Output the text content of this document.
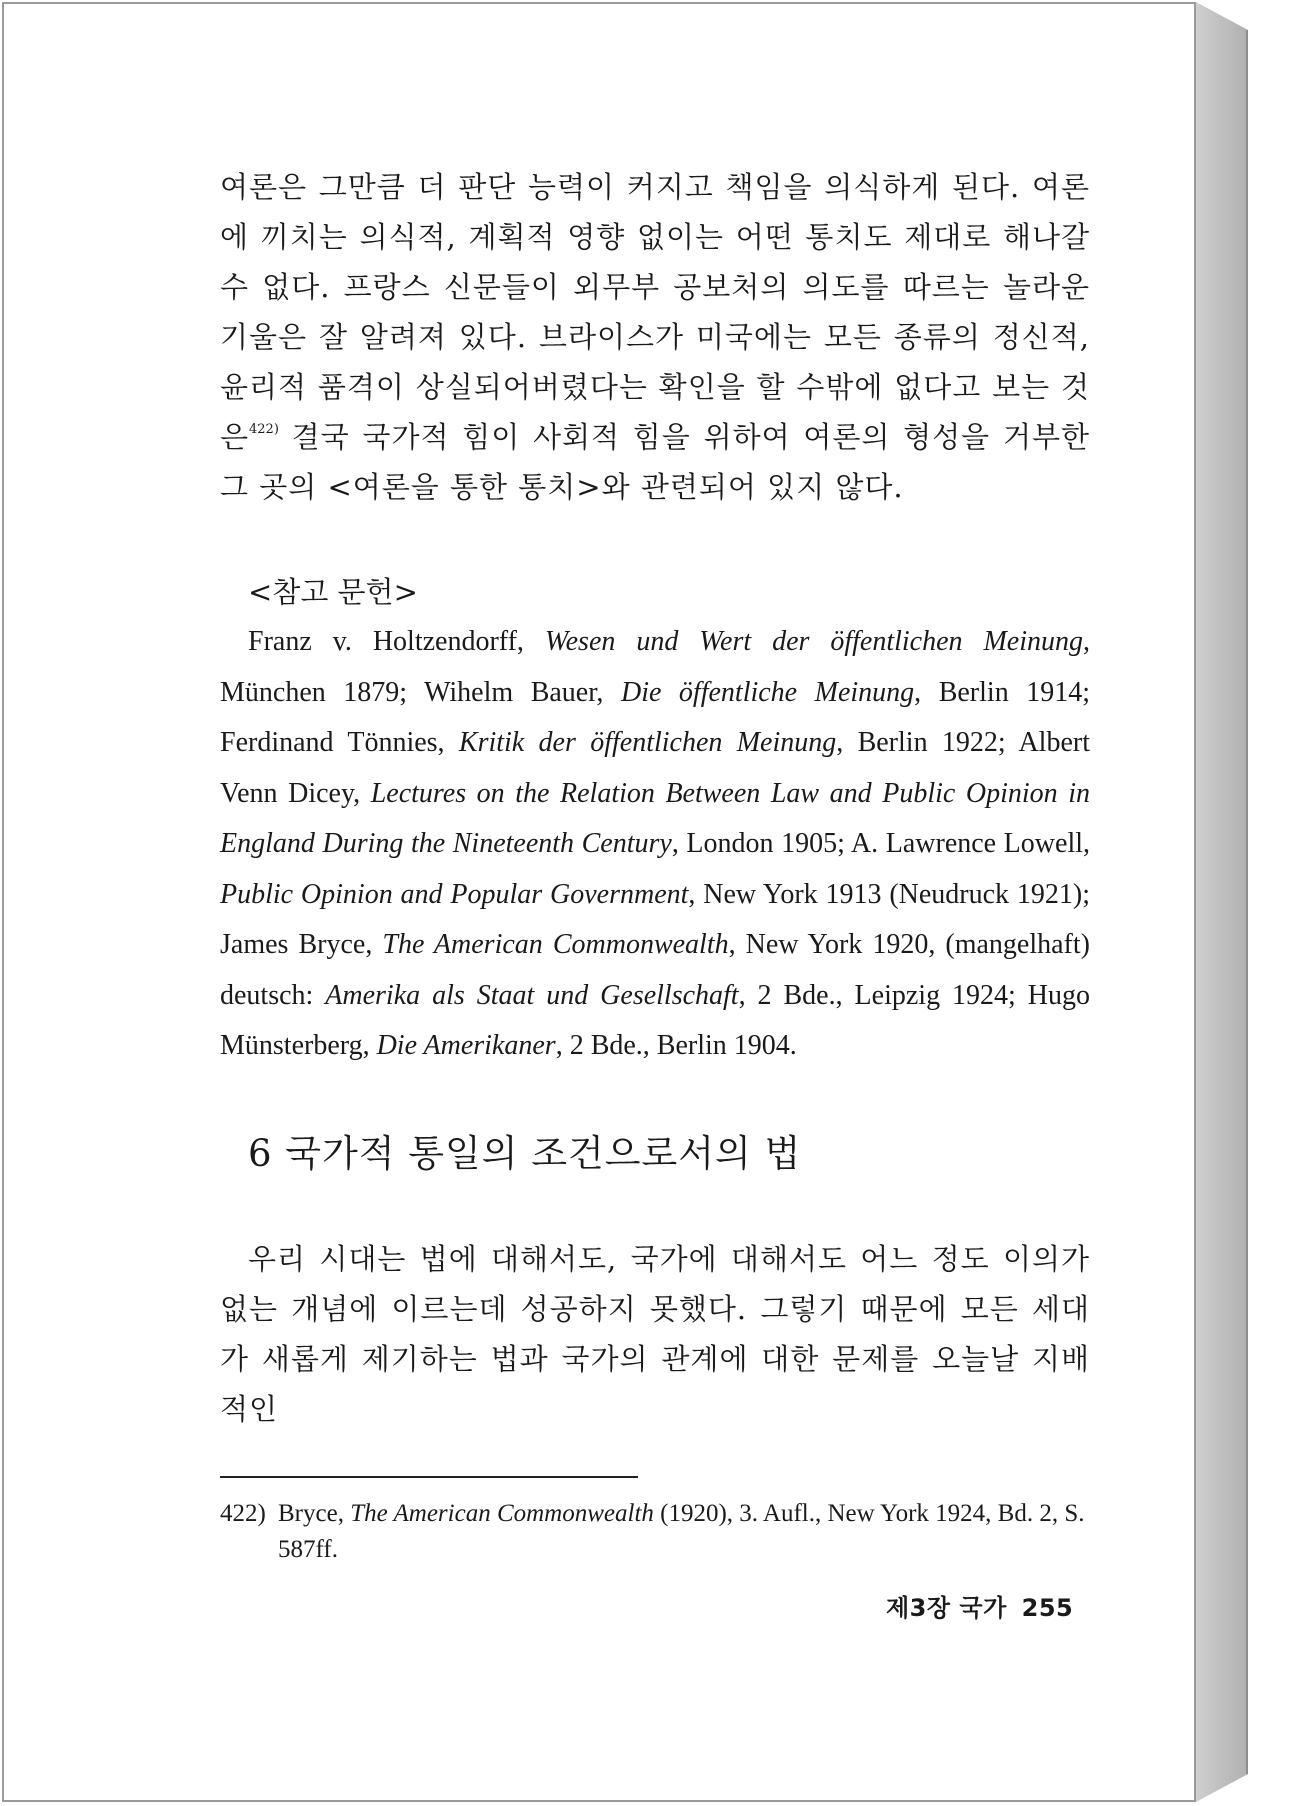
여론은 그만큼 더 판단 능력이 커지고 책임을 의식하게 된다. 여론에 끼치는 의식적, 계획적 영향 없이는 어떤 통치도 제대로 해나갈 수 없다. 프랑스 신문들이 외무부 공보처의 의도를 따르는 놀라운 기울은 잘 알려져 있다. 브라이스가 미국에는 모든 종류의 정신적, 윤리적 품격이 상실되어버렸다는 확인을 할 수밖에 없다고 보는 것은$^{422)}$ 결국 국가적 힘이 사회적 힘을 위하여 여론의 형성을 거부한 그 곳의 <여론을 통한 통치>와 관련되어 있지 않다.

<참고 문헌>

Franz v. Holtzendorff, Wesen und Wert der öffentlichen Meinung, München 1879; Wihelm Bauer, Die öffentliche Meinung, Berlin 1914; Ferdinand Tönnies, Kritik der öffentlichen Meinung, Berlin 1922; Albert Venn Dicey, Lectures on the Relation Between Law and Public Opinion in England During the Nineteenth Century, London 1905; A. Lawrence Lowell, Public Opinion and Popular Government, New York 1913 (Neudruck 1921); James Bryce, The American Commonwealth, New York 1920, (mangelhaft) deutsch: Amerika als Staat und Gesellschaft, 2 Bde., Leipzig 1924; Hugo Münsterberg, Die Amerikaner, 2 Bde., Berlin 1904.

6 국가적 통일의 조건으로서의 법

우리 시대는 법에 대해서도, 국가에 대해서도 어느 정도 이의가 없는 개념에 이르는데 성공하지 못했다. 그렇기 때문에 모든 세대가 새롭게 제기하는 법과 국가의 관계에 대한 문제를 오늘날 지배적인

422) Bryce, The American Commonwealth (1920), 3. Aufl., New York 1924, Bd. 2, S. 587ff.
제3장 국가 255
